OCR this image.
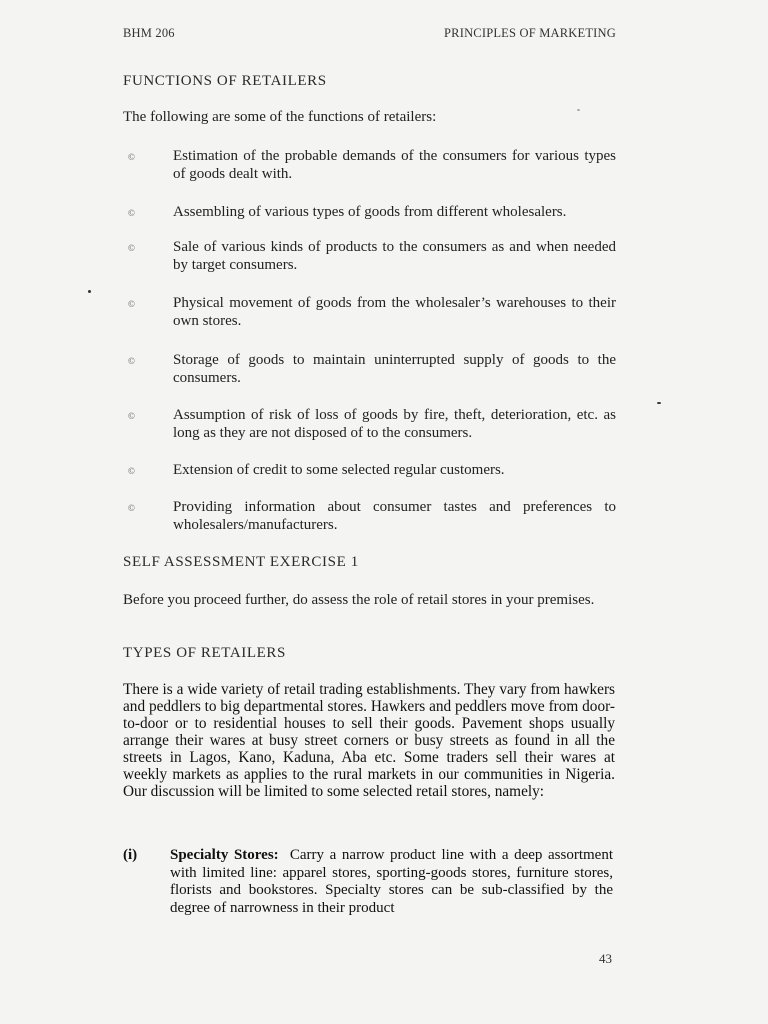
BHM 206	PRINCIPLES OF MARKETING
FUNCTIONS OF RETAILERS
The following are some of the functions of retailers:
©	Estimation of the probable demands of the consumers for various types of goods dealt with.
©	Assembling of various types of goods from different wholesalers.
©	Sale of various kinds of products to the consumers as and when needed by target consumers.
©	Physical movement of goods from the wholesaler’s warehouses to their own stores.
©	Storage of goods to maintain uninterrupted supply of goods to the consumers.
©	Assumption of risk of loss of goods by fire, theft, deterioration, etc. as long as they are not disposed of to the consumers.
©	Extension of credit to some selected regular customers.
©	Providing information about consumer tastes and preferences to wholesalers/manufacturers.
SELF ASSESSMENT EXERCISE 1
Before you proceed further, do assess the role of retail stores in your premises.
TYPES OF RETAILERS
There is a wide variety of retail trading establishments. They vary from hawkers and peddlers to big departmental stores. Hawkers and peddlers move from door-to-door or to residential houses to sell their goods. Pavement shops usually arrange their wares at busy street corners or busy streets as found in all the streets in Lagos, Kano, Kaduna, Aba etc. Some traders sell their wares at weekly markets as applies to the rural markets in our communities in Nigeria. Our discussion will be limited to some selected retail stores, namely:
(i) Specialty Stores: Carry a narrow product line with a deep assortment with limited line: apparel stores, sporting-goods stores, furniture stores, florists and bookstores. Specialty stores can be sub-classified by the degree of narrowness in their product
43
